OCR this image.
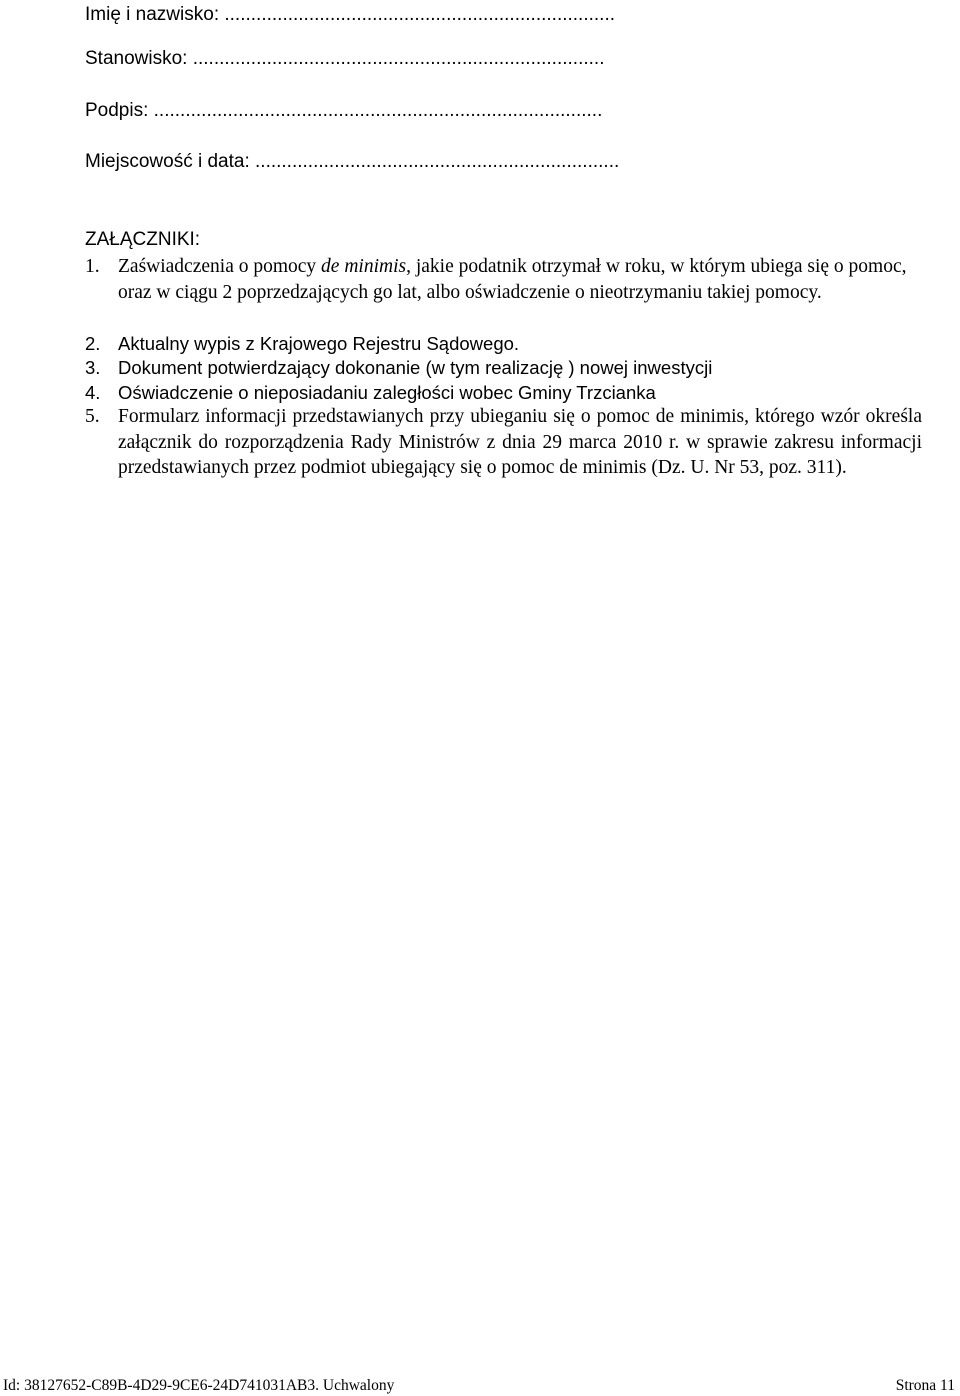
Imię i nazwisko: ..........................................................................
Stanowisko: ..............................................................................
Podpis: .....................................................................................
Miejscowość i data: .....................................................................
ZAŁĄCZNIKI:
1. Zaświadczenia o pomocy de minimis, jakie podatnik otrzymał w roku, w którym ubiega się o pomoc, oraz w ciągu 2 poprzedzających go lat, albo oświadczenie o nieotrzymaniu takiej pomocy.
2. Aktualny wypis z Krajowego Rejestru Sądowego.
3. Dokument potwierdzający dokonanie (w tym realizację ) nowej inwestycji
4. Oświadczenie o nieposiadaniu zaległości wobec Gminy Trzcianka
5. Formularz informacji przedstawianych przy ubieganiu się o pomoc de minimis, którego wzór określa załącznik do rozporządzenia Rady Ministrów z dnia 29 marca 2010 r. w sprawie zakresu informacji przedstawianych przez podmiot ubiegający się o pomoc de minimis (Dz. U. Nr 53, poz. 311).
Id: 38127652-C89B-4D29-9CE6-24D741031AB3. Uchwalony	Strona 11
